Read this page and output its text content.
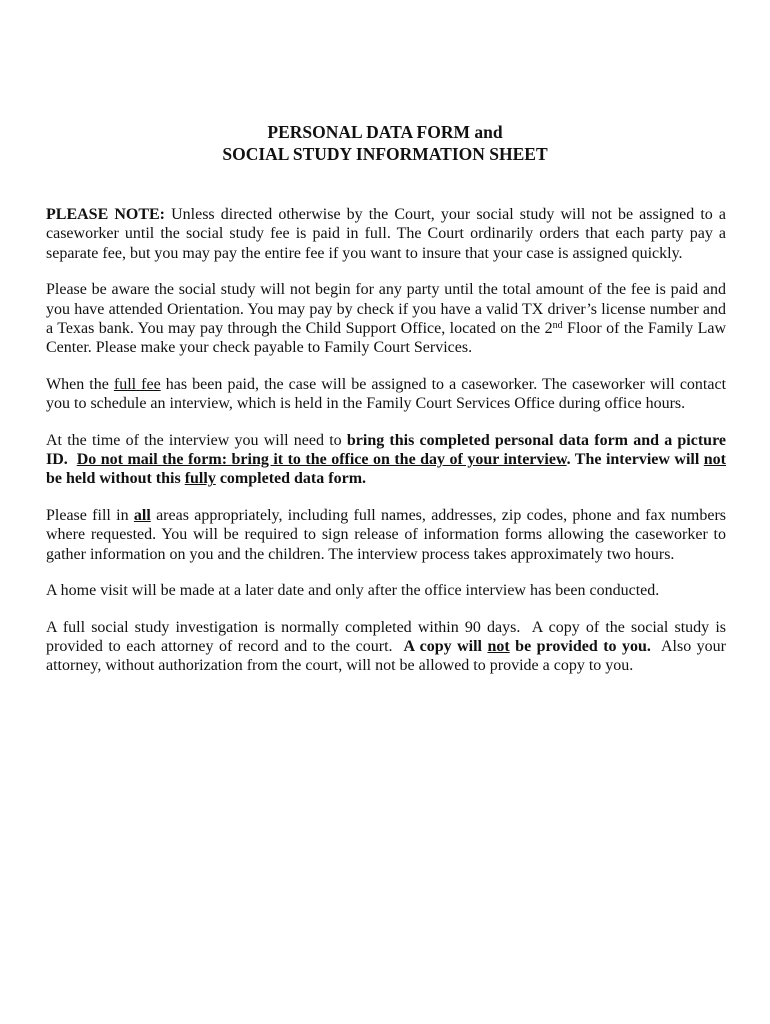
PERSONAL DATA FORM and
SOCIAL STUDY INFORMATION SHEET

PLEASE NOTE: Unless directed otherwise by the Court, your social study will not be assigned to a caseworker until the social study fee is paid in full. The Court ordinarily orders that each party pay a separate fee, but you may pay the entire fee if you want to insure that your case is assigned quickly.

Please be aware the social study will not begin for any party until the total amount of the fee is paid and you have attended Orientation. You may pay by check if you have a valid TX driver’s license number and a Texas bank. You may pay through the Child Support Office, located on the 2nd Floor of the Family Law Center. Please make your check payable to Family Court Services.

When the full fee has been paid, the case will be assigned to a caseworker. The caseworker will contact you to schedule an interview, which is held in the Family Court Services Office during office hours.

At the time of the interview you will need to bring this completed personal data form and a picture ID. Do not mail the form: bring it to the office on the day of your interview. The interview will not be held without this fully completed data form.

Please fill in all areas appropriately, including full names, addresses, zip codes, phone and fax numbers where requested. You will be required to sign release of information forms allowing the caseworker to gather information on you and the children. The interview process takes approximately two hours.

A home visit will be made at a later date and only after the office interview has been conducted.

A full social study investigation is normally completed within 90 days.  A copy of the social study is provided to each attorney of record and to the court.  A copy will not be provided to you.  Also your attorney, without authorization from the court, will not be allowed to provide a copy to you.
